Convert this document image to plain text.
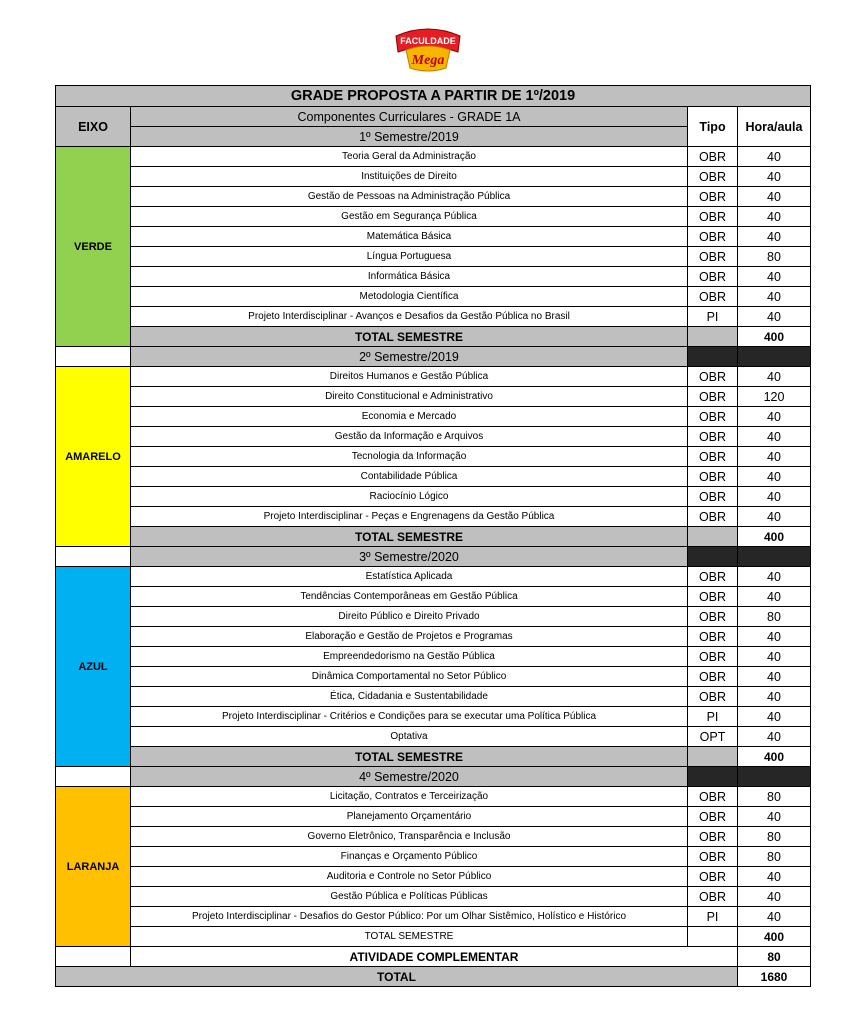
FACULDADE
Mega
GRADE PROPOSTA A PARTIR DE 1º/2019
EIXO
Componentes Curriculares - GRADE 1A
1º Semestre/2019
Tipo	Hora/aula
Teoria Geral da Administração	OBR	40
Instituições de Direito	OBR	40
Gestão de Pessoas na Administração Pública	OBR	40
Gestão em Segurança Pública	OBR	40
Matemática Básica	OBR	40
Língua Portuguesa	OBR	80
Informática Básica	OBR	40
Metodologia Científica	OBR	40
Projeto Interdisciplinar - Avanços e Desafios da Gestão Pública no Brasil	PI	40
TOTAL SEMESTRE	400
VERDE
2º Semestre/2019
Direitos Humanos e Gestão Pública	OBR	40
Direito Constitucional e Administrativo	OBR	120
Economia e Mercado	OBR	40
Gestão da Informação e Arquivos	OBR	40
Tecnologia da Informação	OBR	40
Contabilidade Pública	OBR	40
Raciocínio Lógico	OBR	40
Projeto Interdisciplinar - Peças e Engrenagens da Gestão Pública	OBR	40
TOTAL SEMESTRE	400
AMARELO
3º Semestre/2020
Estatística Aplicada	OBR	40
Tendências Contemporâneas em Gestão Pública	OBR	40
Direito Público e Direito Privado	OBR	80
Elaboração e Gestão de Projetos e Programas	OBR	40
Empreendedorismo na Gestão Pública	OBR	40
Dinâmica Comportamental no Setor Público	OBR	40
Ética, Cidadania e Sustentabilidade	OBR	40
Projeto Interdisciplinar - Critérios e Condições para se executar uma Política Pública	PI	40
Optativa	OPT	40
TOTAL SEMESTRE	400
AZUL
4º Semestre/2020
Licitação, Contratos e Terceirização	OBR	80
Planejamento Orçamentário	OBR	40
Governo Eletrônico, Transparência e Inclusão	OBR	80
Finanças e Orçamento Público	OBR	80
Auditoria e Controle no Setor Público	OBR	40
Gestão Pública e Políticas Públicas	OBR	40
Projeto Interdisciplinar - Desafios do Gestor Público: Por um Olhar Sistêmico, Holístico e Histórico	PI	40
TOTAL SEMESTRE	400
LARANJA
ATIVIDADE COMPLEMENTAR	80
TOTAL	1680
